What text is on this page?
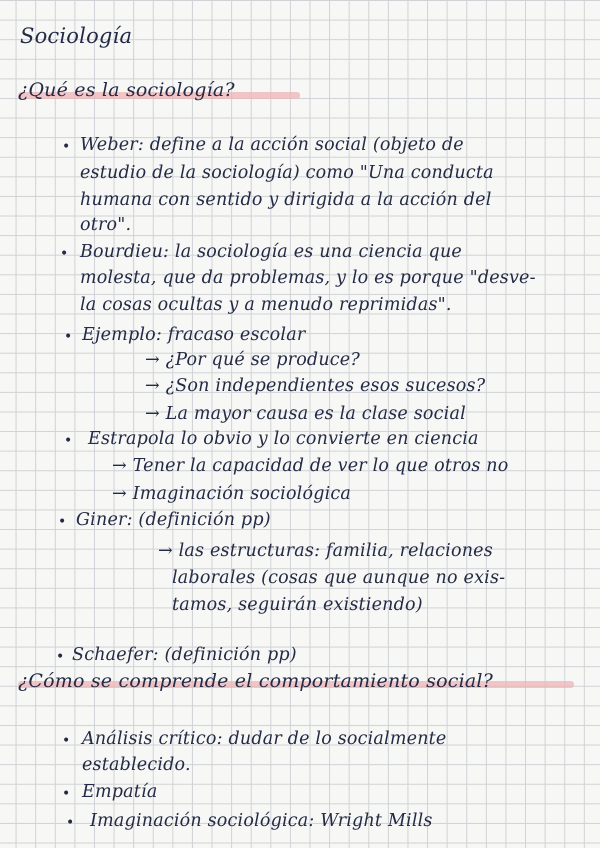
Sociología
¿Qué es la sociología?
• Weber: define a la acción social (objeto de
estudio de la sociología) como "Una conducta
humana con sentido y dirigida a la acción del
otro".
• Bourdieu: la sociología es una ciencia que
molesta, que da problemas, y lo es porque "desve-
la cosas ocultas y a menudo reprimidas".
• Ejemplo: fracaso escolar
→ ¿Por qué se produce?
→ ¿Son independientes esos sucesos?
→ La mayor causa es la clase social
• Estrapola lo obvio y lo convierte en ciencia
→ Tener la capacidad de ver lo que otros no
→ Imaginación sociológica
• Giner: (definición pp)
→ las estructuras: familia, relaciones
laborales (cosas que aunque no exis-
tamos, seguirán existiendo)
• Schaefer: (definición pp)
¿Cómo se comprende el comportamiento social?
• Análisis crítico: dudar de lo socialmente
establecido.
• Empatía
• Imaginación sociológica: Wright Mills
